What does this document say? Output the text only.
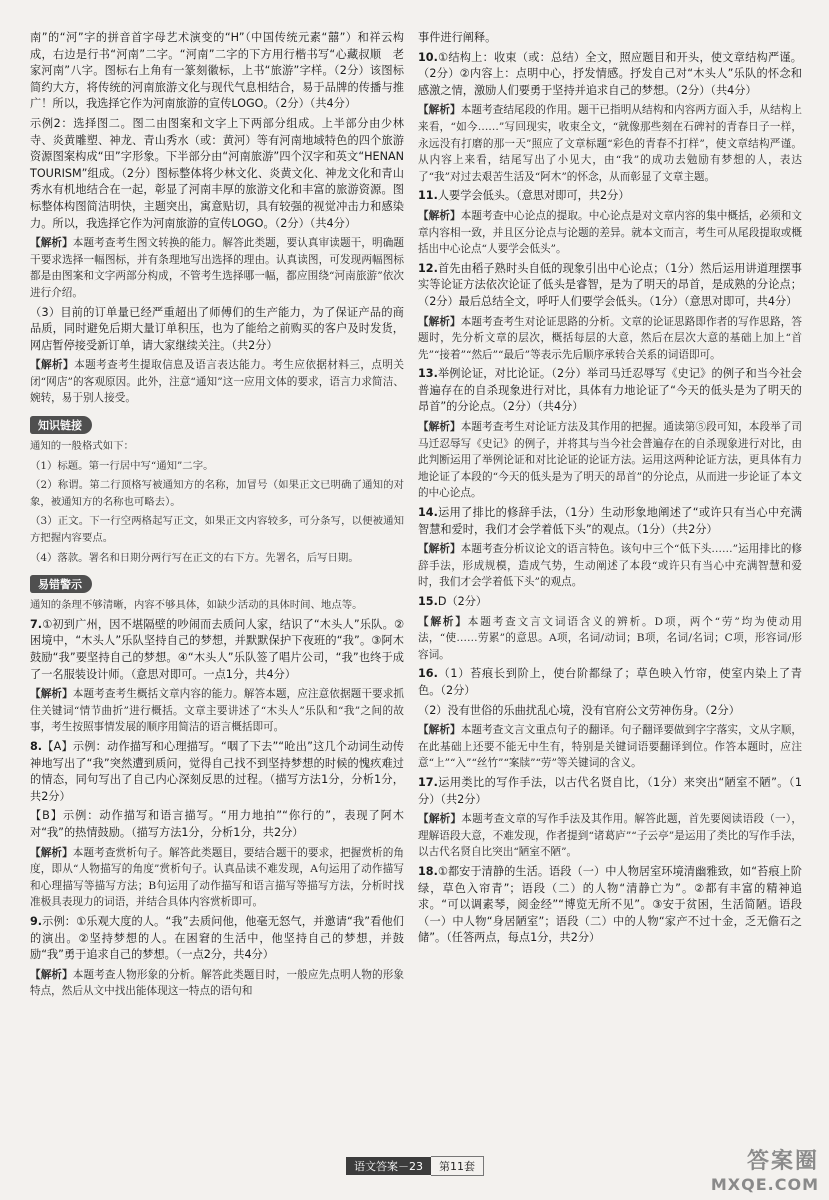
南”的“河”字的拼音首字母艺术演变的“H”（中国传统元素“囍”）和祥云构成，右边是行书“河南”二字。“河南”二字的下方用行楷书写“心藏叔顺　老家河南”八字。图标右上角有一篆刻徽标，上书“旅游”字样。（2分）该图标简约大方，将传统的河南旅游文化与现代气息相结合，易于品牌的传播与推广！所以，我选择它作为河南旅游的宣传LOGO。（2分）（共4分）

示例2：选择图二。图二由图案和文字上下两部分组成。上半部分由少林寺、炎黄雕塑、神龙、青山秀水（或：黄河）等有河南地域特色的四个旅游资源图案构成“田”字形象。下半部分由“河南旅游”四个汉字和英文“HENAN TOURISM”组成。（2分）图标整体将少林文化、炎黄文化、神龙文化和青山秀水有机地结合在一起，彰显了河南丰厚的旅游文化和丰富的旅游资源。图标整体构图简洁明快，主题突出，寓意贴切，具有较强的视觉冲击力和感染力。所以，我选择它作为河南旅游的宣传LOGO。（2分）（共4分）

【解析】本题考查考生图文转换的能力。解答此类题，要认真审读题干，明确题干要求选择一幅图标，并有条理地写出选择的理由。认真读图，可发现两幅图标都是由图案和文字两部分构成，不管考生选择哪一幅，都应围绕“河南旅游”依次进行介绍。

（3）目前的订单量已经严重超出了师傅们的生产能力，为了保证产品的商品质，同时避免后期大量订单积压，也为了能给之前购买的客户及时发货，网店暂停接受新订单，请大家继续关注。（共2分）

【解析】本题考查考生提取信息及语言表达能力。考生应依据材料三，点明关闭“网店”的客观原因。此外，注意“通知”这一应用文体的要求，语言力求简洁、婉转，易于别人接受。

知识链接

通知的一般格式如下：

（1）标题。第一行居中写“通知”二字。

（2）称谓。第二行顶格写被通知方的名称，加冒号（如果正文已明确了通知的对象，被通知方的名称也可略去）。

（3）正文。下一行空两格起写正文，如果正文内容较多，可分条写，以便被通知方把握内容要点。

（4）落款。署名和日期分两行写在正文的右下方。先署名，后写日期。

易错警示

通知的条理不够清晰，内容不够具体，如缺少活动的具体时间、地点等。

7.①初到广州，因不堪隔壁的吵闹而去质问人家，结识了“木头人”乐队。②困境中，“木头人”乐队坚持自己的梦想，并默默保护下夜班的“我”。③阿木鼓励“我”要坚持自己的梦想。④“木头人”乐队签了唱片公司，“我”也终于成了一名服装设计师。（意思对即可。一点1分，共4分）

【解析】本题考查考生概括文章内容的能力。解答本题，应注意依据题干要求抓住关键词“情节曲折”进行概括。文章主要讲述了“木头人”乐队和“我”之间的故事，考生按照事情发展的顺序用简洁的语言概括即可。

8.【A】示例：动作描写和心理描写。“咽了下去”“呛出”这几个动词生动传神地写出了“我”突然遭到质问，觉得自己找不到坚持梦想的时候的愧疚难过的情态，同句写出了自己内心深刻反思的过程。（描写方法1分，分析1分，共2分）

【B】示例：动作描写和语言描写。“用力地拍”“你行的”，表现了阿木对“我”的热情鼓励。（描写方法1分，分析1分，共2分）

【解析】本题考查赏析句子。解答此类题目，要结合题干的要求，把握赏析的角度，即从“人物描写的角度”赏析句子。认真品读不难发现，A句运用了动作描写和心理描写等描写方法；B句运用了动作描写和语言描写等描写方法，分析时找准极具表现力的词语，并结合具体内容赏析即可。

9.示例：①乐观大度的人。“我”去质问他，他毫无怒气，并邀请“我”看他们的演出。②坚持梦想的人。在困窘的生活中，他坚持自己的梦想，并鼓励“我”勇于追求自己的梦想。（一点2分，共4分）

【解析】本题考查人物形象的分析。解答此类题目时，一般应先点明人物的形象特点，然后从文中找出能体现这一特点的语句和

事件进行阐释。

10.①结构上：收束（或：总结）全文，照应题目和开头，使文章结构严谨。（2分）②内容上：点明中心，抒发情感。抒发自己对“木头人”乐队的怀念和感激之情，激励人们要勇于坚持并追求自己的梦想。（2分）（共4分）

【解析】本题考查结尾段的作用。题干已指明从结构和内容两方面入手，从结构上来看，“如今……”写回现实，收束全文，“就像那些刻在石碑衬的青春日子一样，永远没有打磨的那一天”照应了文章标题“彩色的青春不打样”，使文章结构严谨。从内容上来看，结尾写出了小见大，由“我”的成功去勉励有梦想的人，表达了“我”对过去艰苦生活及“阿木”的怀念，从而彰显了文章主题。

11.人要学会低头。（意思对即可，共2分）

【解析】本题考查中心论点的提取。中心论点是对文章内容的集中概括，必须和文章内容相一致，并且区分论点与论题的差异。就本文而言，考生可从尾段提取或概括出中心论点“人要学会低头”。

12.首先由稻子熟时头自低的现象引出中心论点；（1分）然后运用讲道理摆事实等论证方法依次论证了低头是睿智，是为了明天的昂首，是成熟的分论点；（2分）最后总结全文，呼吁人们要学会低头。（1分）（意思对即可，共4分）

【解析】本题考查考生对论证思路的分析。文章的论证思路即作者的写作思路，答题时，先分析文章的层次，概括每层的大意，然后在层次大意的基础上加上“首先”“接着”“然后”“最后”等表示先后顺序承转合关系的词语即可。

13.举例论证，对比论证。（2分）举司马迁忍辱写《史记》的例子和当今社会普遍存在的自杀现象进行对比，具体有力地论证了“今天的低头是为了明天的昂首”的分论点。（2分）（共4分）

【解析】本题考查考生对论证方法及其作用的把握。通读第⑤段可知，本段举了司马迁忍辱写《史记》的例子，并将其与当今社会普遍存在的自杀现象进行对比，由此判断运用了举例论证和对比论证的论证方法。运用这两种论证方法，更具体有力地论证了本段的“今天的低头是为了明天的昂首”的分论点，从而进一步论证了本文的中心论点。

14.运用了排比的修辞手法，（1分）生动形象地阐述了“或许只有当心中充满智慧和爱时，我们才会学着低下头”的观点。（1分）（共2分）

【解析】本题考查分析议论文的语言特色。该句中三个“低下头……”运用排比的修辞手法，形成规模，造成气势，生动阐述了本段“或许只有当心中充满智慧和爱时，我们才会学着低下头”的观点。

15.D（2分）

【解析】本题考查文言文词语含义的辨析。D项，两个“劳”均为使动用法，“使……劳累”的意思。A项，名词/动词；B项，名词/名词；C项，形容词/形容词。

16.（1）苔痕长到阶上，使台阶都绿了；草色映入竹帘，使室内染上了青色。（2分）

（2）没有世俗的乐曲扰乱心境，没有官府公文劳神伤身。（2分）

【解析】本题考查文言文重点句子的翻译。句子翻译要做到字字落实，文从字顺，在此基础上还要不能无中生有，特别是关键词语要翻译到位。作答本题时，应注意“上”“入”“丝竹”“案牍”“劳”等关键词的含义。

17.运用类比的写作手法，以古代名贤自比，（1分）来突出“陋室不陋”。（1分）（共2分）

【解析】本题考查文章的写作手法及其作用。解答此题，首先要阅读语段（一），理解语段大意，不难发现，作者提到“诸葛庐”“子云亭”是运用了类比的写作手法，以古代名贤自比突出“陋室不陋”。

18.①都安于清静的生活。语段（一）中人物居室环境清幽雅致，如“苔痕上阶绿，草色入帘青”；语段（二）的人物“清静亡为”。②都有丰富的精神追求。“可以调素琴，阅金经”“博览无所不见”。③安于贫困，生活简陋。语段（一）中人物“身居陋室”；语段（二）中的人物“家产不过十金，乏无儋石之储”。（任答两点，每点1分，共2分）

语文答案－23	第11套	答案圈
MXQE.COM
